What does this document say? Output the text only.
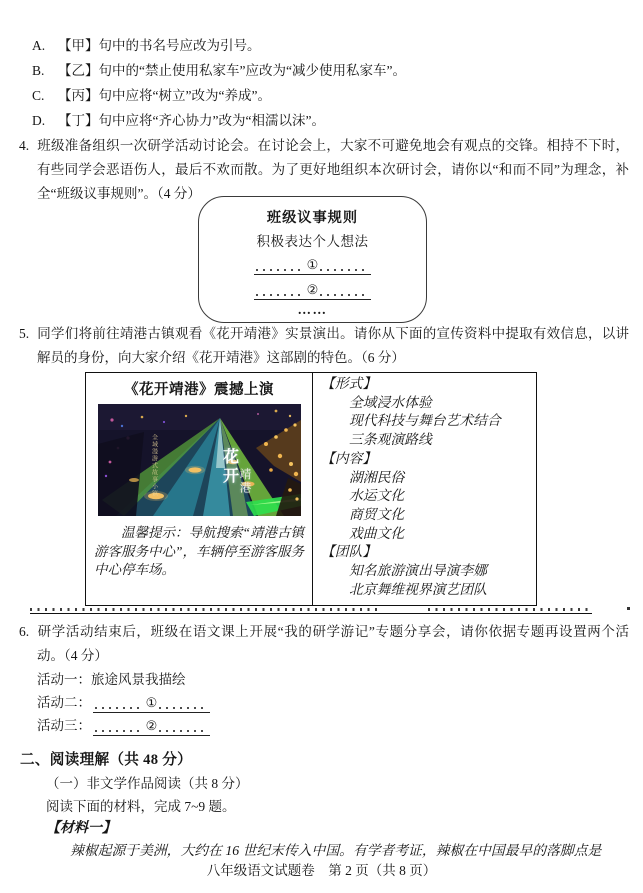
A. 【甲】句中的书名号应改为引号。
B. 【乙】句中的“禁止使用私家车”应改为“减少使用私家车”。
C. 【丙】句中应将“树立”改为“养成”。
D. 【丁】句中应将“齐心协力”改为“相濡以沫”。
4. 班级准备组织一次研学活动讨论会。在讨论会上，大家不可避免地会有观点的交锋。相持不下时，有些同学会恶语伤人，最后不欢而散。为了更好地组织本次研讨会，请你以“和而不同”为理念，补全“班级议事规则”。（4 分）
班级议事规则
积极表达个人想法
①
②
……
5. 同学们将前往靖港古镇观看《花开靖港》实景演出。请你从下面的宣传资料中提取有效信息，以讲解员的身份，向大家介绍《花开靖港》这部剧的特色。（6 分）
《花开靖港》震撼上演
全域漫游式故事小镇	花开 靖港
温馨提示：导航搜索“靖港古镇游客服务中心”，车辆停至游客服务中心停车场。
【形式】
全域浸水体验
现代科技与舞台艺术结合
三条观演路线
【内容】
湖湘民俗
水运文化
商贸文化
戏曲文化
【团队】
知名旅游演出导演李娜
北京舞维视界演艺团队
6. 研学活动结束后，班级在语文课上开展“我的研学游记”专题分享会，请你依据专题再设置两个活动。（4 分）
活动一： 旅途风景我描绘
活动二：	①
活动三：	②
二、阅读理解（共 48 分）
（一）非文学作品阅读（共 8 分）
阅读下面的材料，完成 7~9 题。
【材料一】
辣椒起源于美洲，大约在 16 世纪末传入中国。有学者考证，辣椒在中国最早的落脚点是
八年级语文试题卷　第 2 页（共 8 页）
